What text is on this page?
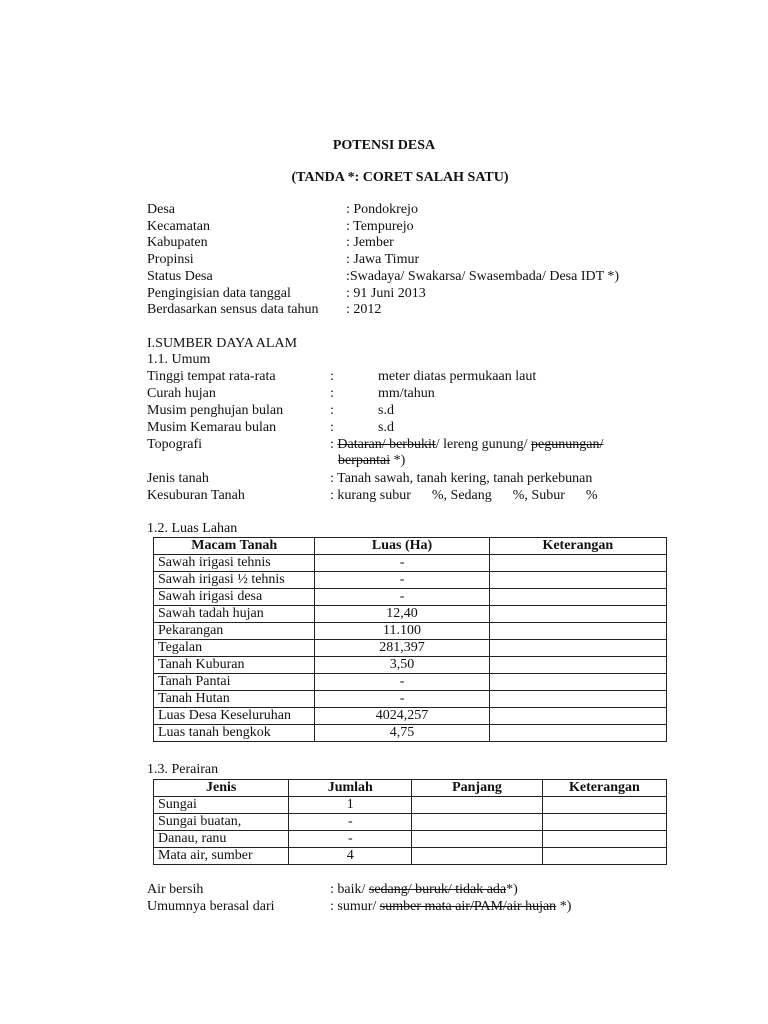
POTENSI DESA
(TANDA *: CORET SALAH SATU)
Desa	: Pondokrejo
Kecamatan	: Tempurejo
Kabupaten	: Jember
Propinsi	: Jawa Timur
Status Desa	:Swadaya/ Swakarsa/ Swasembada/ Desa IDT *)
Pengingisian data tanggal	: 91 Juni 2013
Berdasarkan sensus data tahun : 2012
I.SUMBER DAYA ALAM
1.1. Umum
Tinggi tempat rata-rata	:	meter diatas permukaan laut
Curah hujan	:	mm/tahun
Musim penghujan bulan	:	s.d
Musim Kemarau bulan	:	s.d
Topografi	: Dataran/ berbukit/ lereng gunung/ pegunungan/
berpantai *)
Jenis tanah	: Tanah sawah, tanah kering, tanah perkebunan
Kesuburan Tanah	: kurang subur      %, Sedang      %, Subur      %
1.2. Luas Lahan
Macam Tanah	Luas (Ha)	Keterangan
Sawah irigasi tehnis	-	
Sawah irigasi ½ tehnis	-	
Sawah irigasi desa	-	
Sawah tadah hujan	12,40	
Pekarangan	11.100	
Tegalan	281,397	
Tanah Kuburan	3,50	
Tanah Pantai	-	
Tanah Hutan	-	
Luas Desa Keseluruhan	4024,257	
Luas tanah bengkok	4,75	
1.3. Perairan
Jenis	Jumlah	Panjang	Keterangan
Sungai	1		
Sungai buatan,	-		
Danau, ranu	-		
Mata air, sumber	4		
Air bersih	: baik/ sedang/ buruk/ tidak ada*)
Umumnya berasal dari	: sumur/ sumber mata air/PAM/air hujan *)
